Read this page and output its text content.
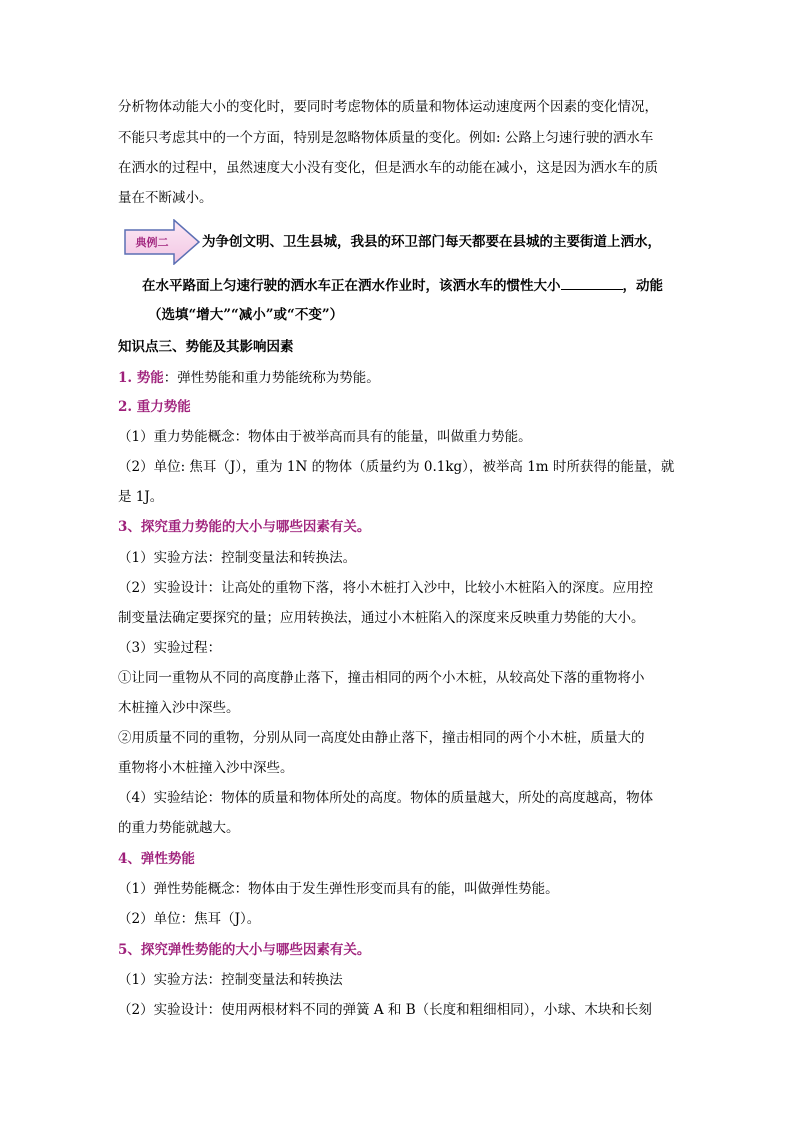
分析物体动能大小的变化时，要同时考虑物体的质量和物体运动速度两个因素的变化情况，
不能只考虑其中的一个方面，特别是忽略物体质量的变化。例如: 公路上匀速行驶的洒水车
在洒水的过程中，虽然速度大小没有变化，但是洒水车的动能在减小，这是因为洒水车的质
量在不断减小。
典例二 为争创文明、卫生县城，我县的环卫部门每天都要在县城的主要街道上洒水，
在水平路面上匀速行驶的洒水车正在洒水作业时，该洒水车的惯性大小	，动能
（选填“增大”“减小”或“不变”）
知识点三、势能及其影响因素
1. 势能：弹性势能和重力势能统称为势能。
2. 重力势能
（1）重力势能概念：物体由于被举高而具有的能量，叫做重力势能。
（2）单位: 焦耳（J），重为 1N 的物体（质量约为 0.1kg），被举高 1m 时所获得的能量，就
是 1J。
3、探究重力势能的大小与哪些因素有关。
（1）实验方法：控制变量法和转换法。
（2）实验设计：让高处的重物下落，将小木桩打入沙中，比较小木桩陷入的深度。应用控
制变量法确定要探究的量；应用转换法，通过小木桩陷入的深度来反映重力势能的大小。
（3）实验过程：
①让同一重物从不同的高度静止落下，撞击相同的两个小木桩，从较高处下落的重物将小
木桩撞入沙中深些。
②用质量不同的重物，分别从同一高度处由静止落下，撞击相同的两个小木桩，质量大的
重物将小木桩撞入沙中深些。
（4）实验结论：物体的质量和物体所处的高度。物体的质量越大，所处的高度越高，物体
的重力势能就越大。
4、弹性势能
（1）弹性势能概念：物体由于发生弹性形变而具有的能，叫做弹性势能。
（2）单位：焦耳（J）。
5、探究弹性势能的大小与哪些因素有关。
（1）实验方法：控制变量法和转换法
（2）实验设计：使用两根材料不同的弹簧 A 和 B（长度和粗细相同），小球、木块和长刻
